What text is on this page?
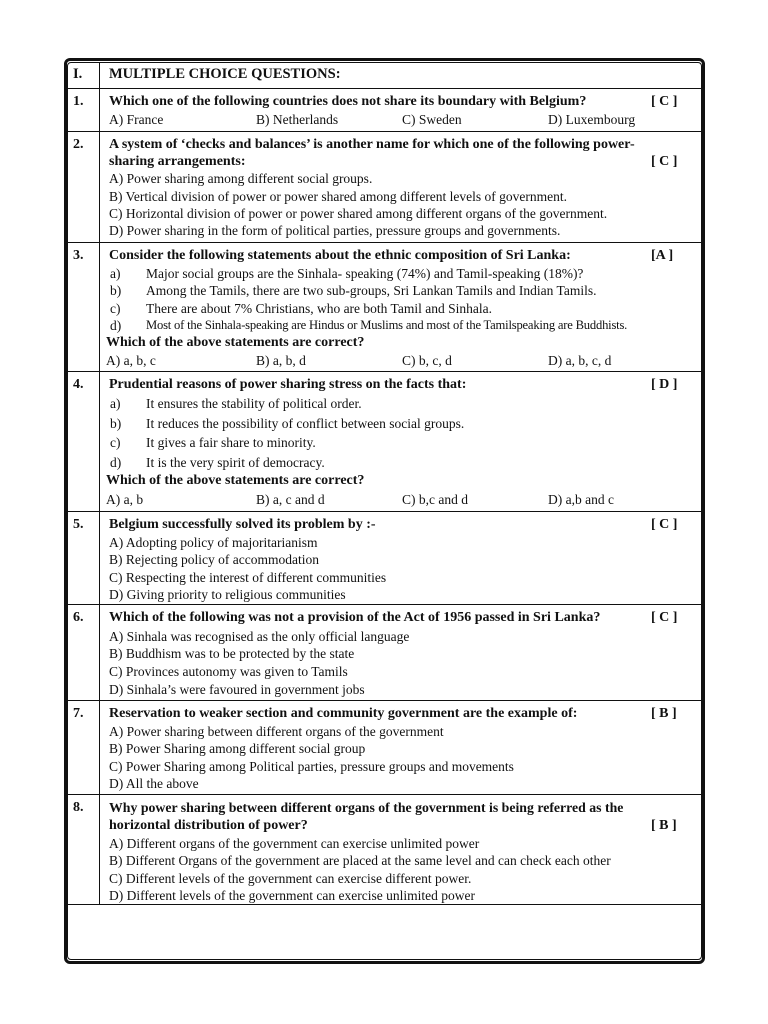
I. MULTIPLE CHOICE QUESTIONS:
1. Which one of the following countries does not share its boundary with Belgium?	[ C ]
A) France	B) Netherlands	C) Sweden	D) Luxembourg
2. A system of ‘checks and balances’ is another name for which one of the following power-
sharing arrangements:	[ C ]
A) Power sharing among different social groups.
B) Vertical division of power or power shared among different levels of government.
C) Horizontal division of power or power shared among different organs of the government.
D) Power sharing in the form of political parties, pressure groups and governments.
3. Consider the following statements about the ethnic composition of Sri Lanka:	[A ]
a) Major social groups are the Sinhala- speaking (74%) and Tamil-speaking (18%)?
b) Among the Tamils, there are two sub-groups, Sri Lankan Tamils and Indian Tamils.
c) There are about 7% Christians, who are both Tamil and Sinhala.
d) Most of the Sinhala-speaking are Hindus or Muslims and most of the Tamilspeaking are Buddhists.
Which of the above statements are correct?
A) a, b, c	B) a, b, d	C) b, c, d	D) a, b, c, d
4. Prudential reasons of power sharing stress on the facts that:	[ D ]
a) It ensures the stability of political order.
b) It reduces the possibility of conflict between social groups.
c) It gives a fair share to minority.
d) It is the very spirit of democracy.
Which of the above statements are correct?
A) a, b	B) a, c and d	C) b,c and d	D) a,b and c
5. Belgium successfully solved its problem by :-	[ C ]
A) Adopting policy of majoritarianism
B) Rejecting policy of accommodation
C) Respecting the interest of different communities
D) Giving priority to religious communities
6. Which of the following was not a provision of the Act of 1956 passed in Sri Lanka?	[ C ]
A) Sinhala was recognised as the only official language
B) Buddhism was to be protected by the state
C) Provinces autonomy was given to Tamils
D) Sinhala’s were favoured in government jobs
7. Reservation to weaker section and community government are the example of:	[ B ]
A) Power sharing between different organs of the government
B) Power Sharing among different social group
C) Power Sharing among Political parties, pressure groups and movements
D) All the above
8. Why power sharing between different organs of the government is being referred as the
horizontal distribution of power?	[ B ]
A) Different organs of the government can exercise unlimited power
B) Different Organs of the government are placed at the same level and can check each other
C) Different levels of the government can exercise different power.
D) Different levels of the government can exercise unlimited power
